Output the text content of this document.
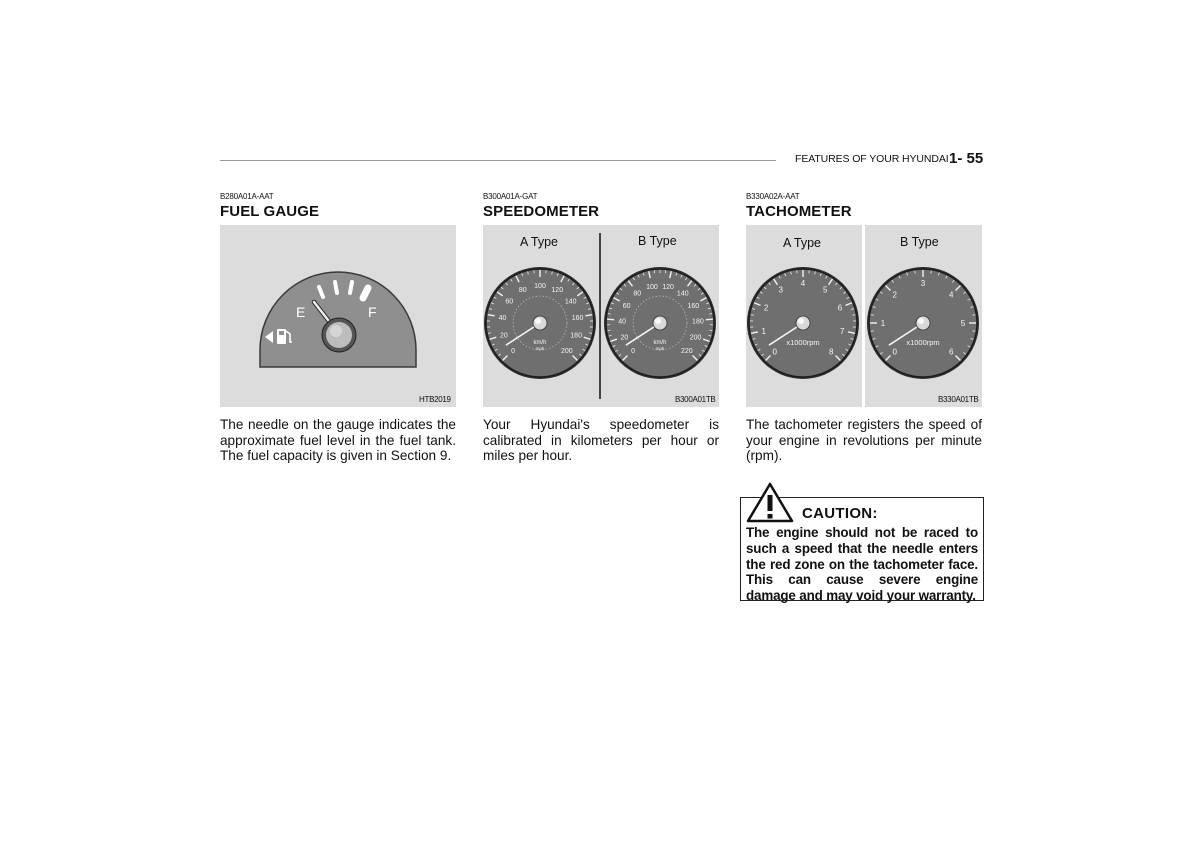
FEATURES OF YOUR HYUNDAI 1- 55

B280A01A-AAT

FUEL GAUGE

E	F
HTB2019
The needle on the gauge indicates the approximate fuel level in the fuel tank. The fuel capacity is given in Section 9.

B300A01A-GAT

SPEEDOMETER

0
20
40
60
80
100
120
140
160
180
200
km/h
mph	0
20
40
60
80
100 120
140
160
180
200
220
km/h
mph
A Type	B Type
B300A01TB
Your Hyundai's speedometer is calibrated in kilometers per hour or miles per hour.

B330A02A-AAT

TACHOMETER

0
1
2
3
4
5
6
7
8
x1000rpm
0
1
2
3
4
5
6
x1000rpm
A Type	B Type
B330A01TB
The tachometer registers the speed of your engine in revolutions per minute (rpm).
CAUTION:
The engine should not be raced to such a speed that the needle enters the red zone on the tachometer face. This can cause severe engine damage and may void your warranty.
